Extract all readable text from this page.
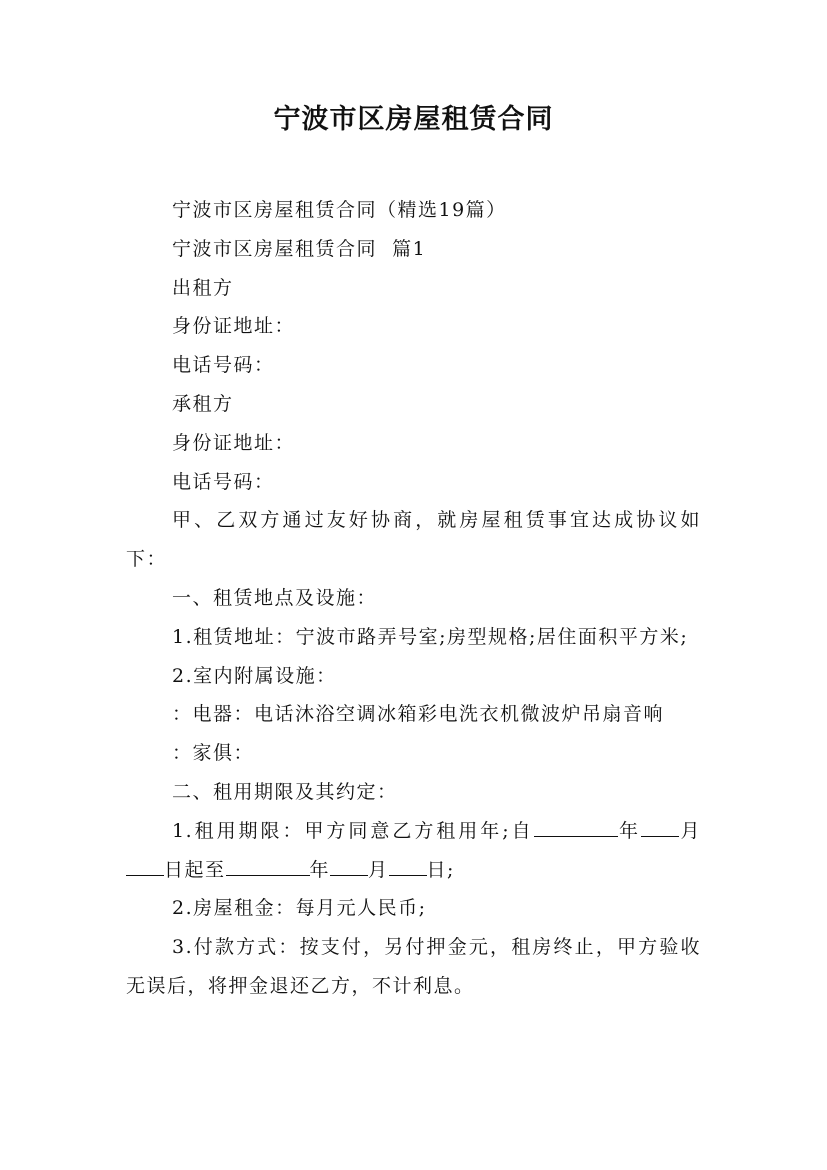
宁波市区房屋租赁合同

宁波市区房屋租赁合同（精选19篇）

宁波市区房屋租赁合同  篇1

出租方

身份证地址：

电话号码：

承租方

身份证地址：

电话号码：

甲、乙双方通过友好协商，就房屋租赁事宜达成协议如下：

一、租赁地点及设施：

1.租赁地址：宁波市路弄号室;房型规格;居住面积平方米;

2.室内附属设施：

：电器：电话沐浴空调冰箱彩电洗衣机微波炉吊扇音响

：家俱：

二、租用期限及其约定：

1.租用期限：甲方同意乙方租用年;自	年 月日起至	年 月 日;

2.房屋租金：每月元人民币;

3.付款方式：按支付，另付押金元，租房终止，甲方验收无误后，将押金退还乙方，不计利息。
